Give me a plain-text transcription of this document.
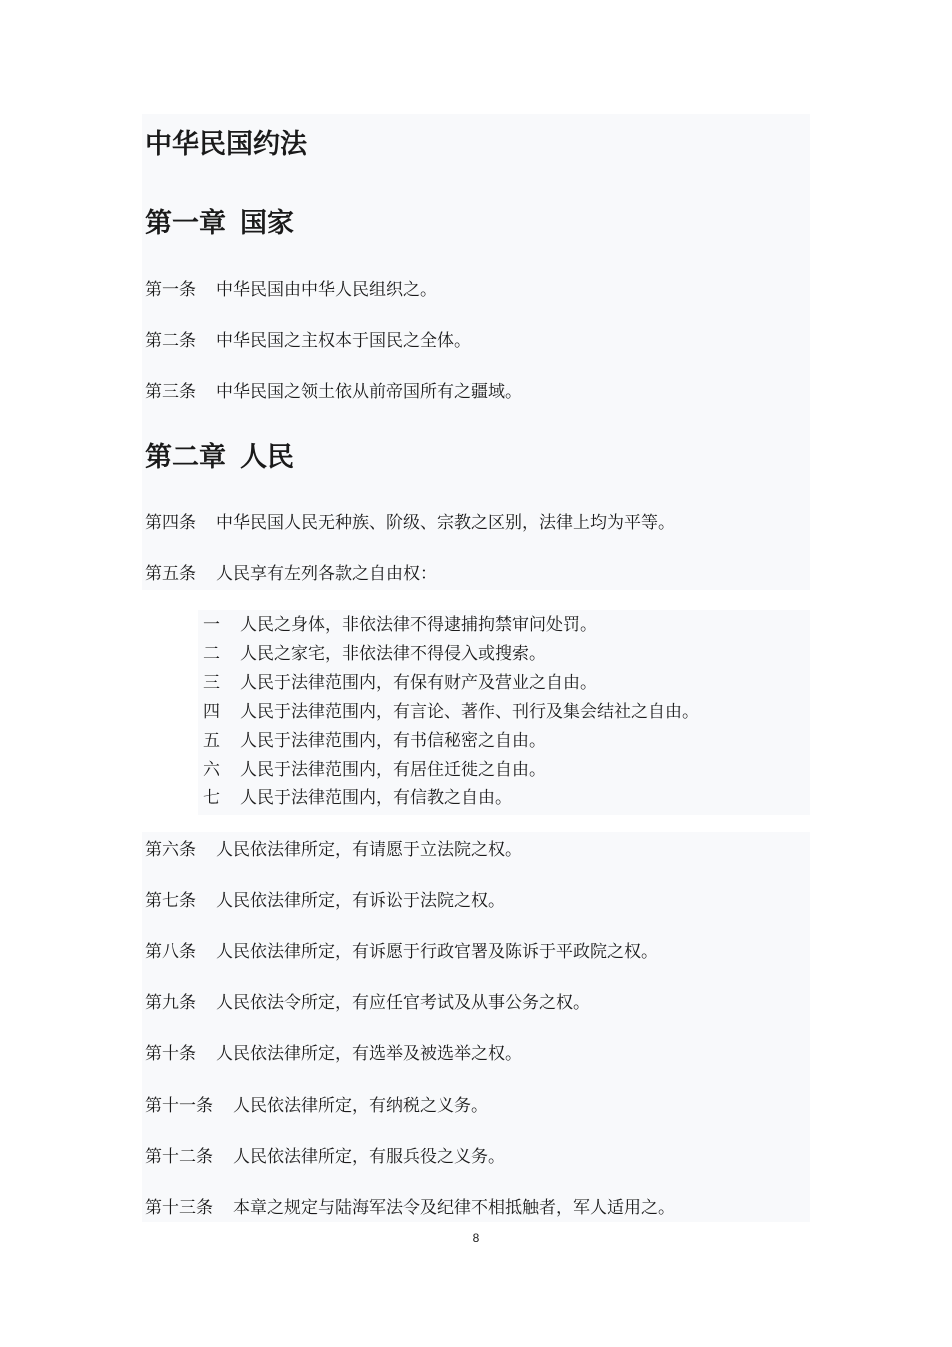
中华民国约法
第一章 国家

第一条 中华民国由中华人民组织之。

第二条 中华民国之主权本于国民之全体。

第三条 中华民国之领土依从前帝国所有之疆域。

第二章 人民

第四条 中华民国人民无种族、阶级、宗教之区别，法律上均为平等。

第五条 人民享有左列各款之自由权：

一 人民之身体，非依法律不得逮捕拘禁审问处罚。

二 人民之家宅，非依法律不得侵入或搜索。

三 人民于法律范围内，有保有财产及营业之自由。

四 人民于法律范围内，有言论、著作、刊行及集会结社之自由。

五 人民于法律范围内，有书信秘密之自由。

六 人民于法律范围内，有居住迁徙之自由。

七 人民于法律范围内，有信教之自由。

第六条 人民依法律所定，有请愿于立法院之权。

第七条 人民依法律所定，有诉讼于法院之权。

第八条 人民依法律所定，有诉愿于行政官署及陈诉于平政院之权。

第九条 人民依法令所定，有应任官考试及从事公务之权。

第十条 人民依法律所定，有选举及被选举之权。

第十一条 人民依法律所定，有纳税之义务。

第十二条 人民依法律所定，有服兵役之义务。

第十三条 本章之规定与陆海军法令及纪律不相抵触者，军人适用之。

8
